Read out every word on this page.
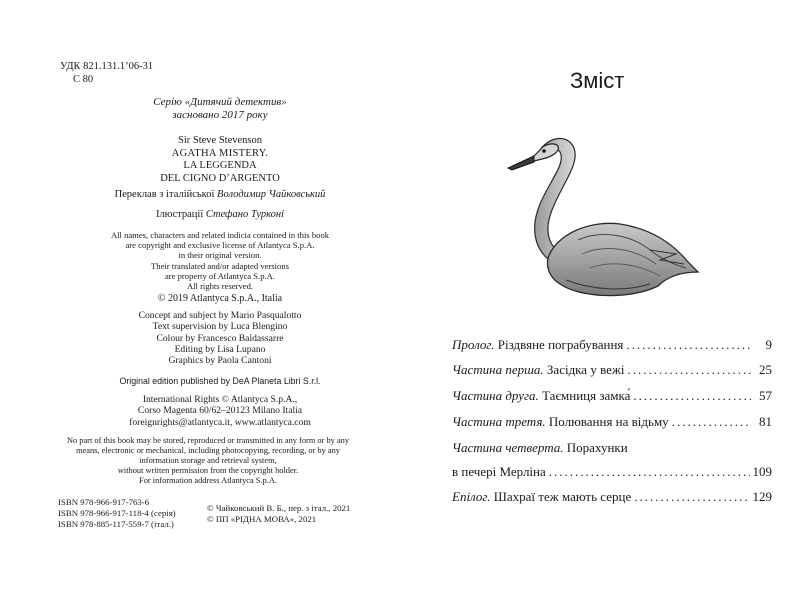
УДК 821.131.1’06-31
С 80
Серію «Дитячий детектив»
засновано 2017 року
Sir Steve Stevenson
AGATHA MISTERY.
LA LEGGENDA
DEL CIGNO D’ARGENTO
Переклав з італійської Володимир Чайковський
Ілюстрації Стефано Турконі
All names, characters and related indicia contained in this book
are copyright and exclusive license of Atlantyca S.p.A.
in their original version.
Their translated and/or adapted versions
are property of Atlantyca S.p.A.
All rights reserved.
© 2019 Atlantyca S.p.A., Italia
Concept and subject by Mario Pasqualotto
Text supervision by Luca Blengino
Colour by Francesco Baldassarre
Editing by Lisa Lupano
Graphics by Paola Cantoni
Original edition published by DeA Planeta Libri S.r.l.
International Rights © Atlantyca S.p.A.,
Corso Magenta 60/62–20123 Milano Italia
foreignrights@atlantyca.it, www.atlantyca.com
No part of this book may be stored, reproduced or transmitted in any form or by any
means, electronic or mechanical, including photocopying, recording, or by any
information storage and retrieval system,
without written permission from the copyright holder.
For information address Atlantyca S.p.A.
ISBN 978-966-917-763-6
ISBN 978-966-917-118-4 (серія)
ISBN 978-885-117-559-7 (італ.)
© Чайковський В. Б., пер. з італ., 2021
© ПП «РІДНА МОВА», 2021
Зміст
Пролог. Різдвяне пограбування .....	9
Частина перша. Засідка у вежі .....	25
Частина друга. Таємниця замка́ .....	57
Частина третя. Полювання на відьму .....	81
Частина четверта. Порахунки
в печері Мерліна .....	109
Епілог. Шахраї теж мають серце .....	129
